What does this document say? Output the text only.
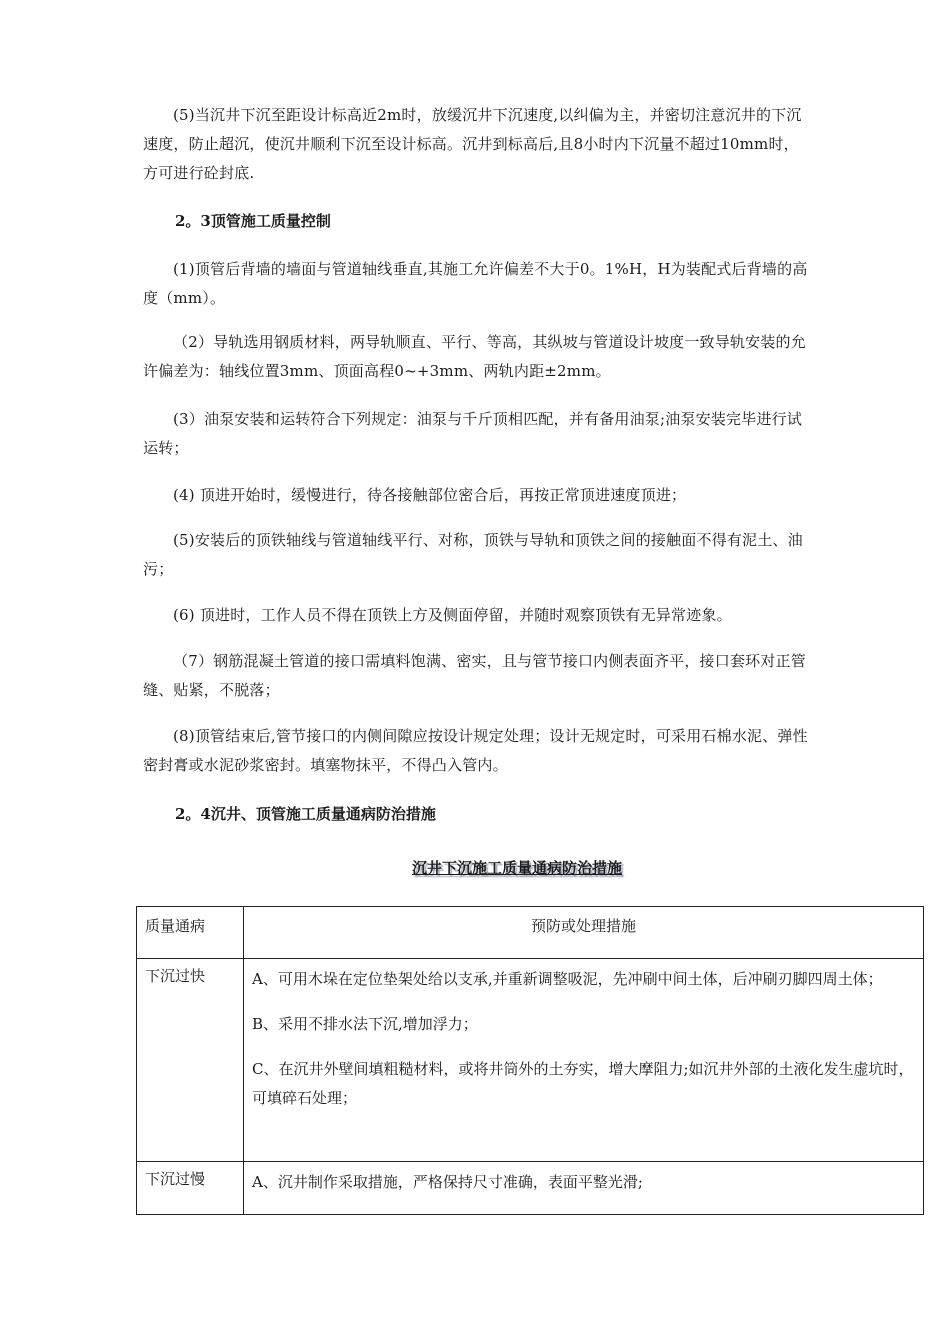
(5)当沉井下沉至距设计标高近2m时，放缓沉井下沉速度,以纠偏为主，并密切注意沉井的下沉速度，防止超沉，使沉井顺利下沉至设计标高。沉井到标高后,且8小时内下沉量不超过10mm时，方可进行砼封底.

2。3顶管施工质量控制

(1)顶管后背墙的墙面与管道轴线垂直,其施工允许偏差不大于0。1%H，H为装配式后背墙的高度（mm）。

（2）导轨选用钢质材料，两导轨顺直、平行、等高，其纵坡与管道设计坡度一致导轨安装的允许偏差为：轴线位置3mm、顶面高程0~+3mm、两轨内距±2mm。

(3）油泵安装和运转符合下列规定：油泵与千斤顶相匹配，并有备用油泵;油泵安装完毕进行试运转；

(4) 顶进开始时，缓慢进行，待各接触部位密合后，再按正常顶进速度顶进；

(5)安装后的顶铁轴线与管道轴线平行、对称，顶铁与导轨和顶铁之间的接触面不得有泥土、油污；

(6) 顶进时，工作人员不得在顶铁上方及侧面停留，并随时观察顶铁有无异常迹象。

（7）钢筋混凝土管道的接口需填料饱满、密实，且与管节接口内侧表面齐平，接口套环对正管缝、贴紧，不脱落；

(8)顶管结束后,管节接口的内侧间隙应按设计规定处理；设计无规定时，可采用石棉水泥、弹性密封膏或水泥砂浆密封。填塞物抹平，不得凸入管内。

2。4沉井、顶管施工质量通病防治措施

沉井下沉施工质量通病防治措施

质量通病	预防或处理措施
下沉过快	A、可用木垛在定位垫架处给以支承,并重新调整吸泥，先冲刷中间土体，后冲刷刃脚四周土体；

B、采用不排水法下沉,增加浮力；

C、在沉井外壁间填粗糙材料，或将井筒外的土夯实，增大摩阻力;如沉井外部的土液化发生虚坑时，可填碎石处理；

下沉过慢	A、沉井制作采取措施，严格保持尺寸准确，表面平整光滑;
